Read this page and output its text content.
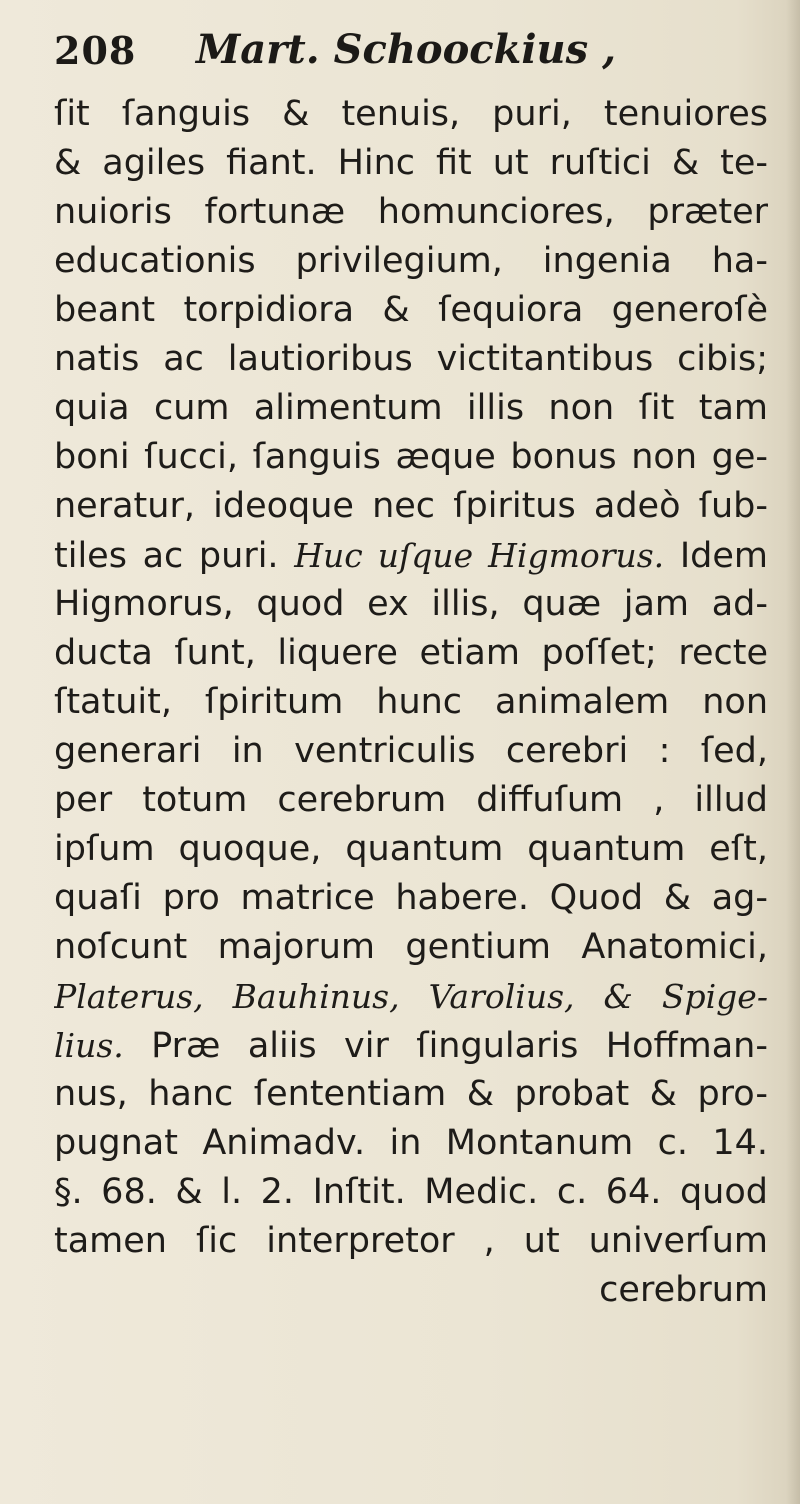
208 Mart. Schoockius ,
ſit ſanguis & tenuis, puri, tenuiores
& agiles fiant. Hinc fit ut ruſtici & te-
nuioris fortunæ homunciores, præter
educationis privilegium, ingenia ha-
beant torpidiora & ſequiora generoſè
natis ac lautioribus victitantibus cibis;
quia cum alimentum illis non ſit tam
boni ſucci, ſanguis æque bonus non ge-
neratur, ideoque nec ſpiritus adeò ſub-
tiles ac puri. Huc uſque Higmorus. Idem
Higmorus, quod ex illis, quæ jam ad-
ducta ſunt, liquere etiam poſſet; recte
ſtatuit, ſpiritum hunc animalem non
generari in ventriculis cerebri : ſed,
per totum cerebrum diffuſum , illud
ipſum quoque, quantum quantum eſt,
quaſi pro matrice habere. Quod & ag-
noſcunt majorum gentium Anatomici,
Platerus, Bauhinus, Varolius, & Spige-
lius. Præ aliis vir ſingularis Hoffman-
nus, hanc ſententiam & probat & pro-
pugnat Animadv. in Montanum c. 14.
§. 68. & l. 2. Inſtit. Medic. c. 64. quod
tamen ſic interpretor , ut univerſum
cerebrum
